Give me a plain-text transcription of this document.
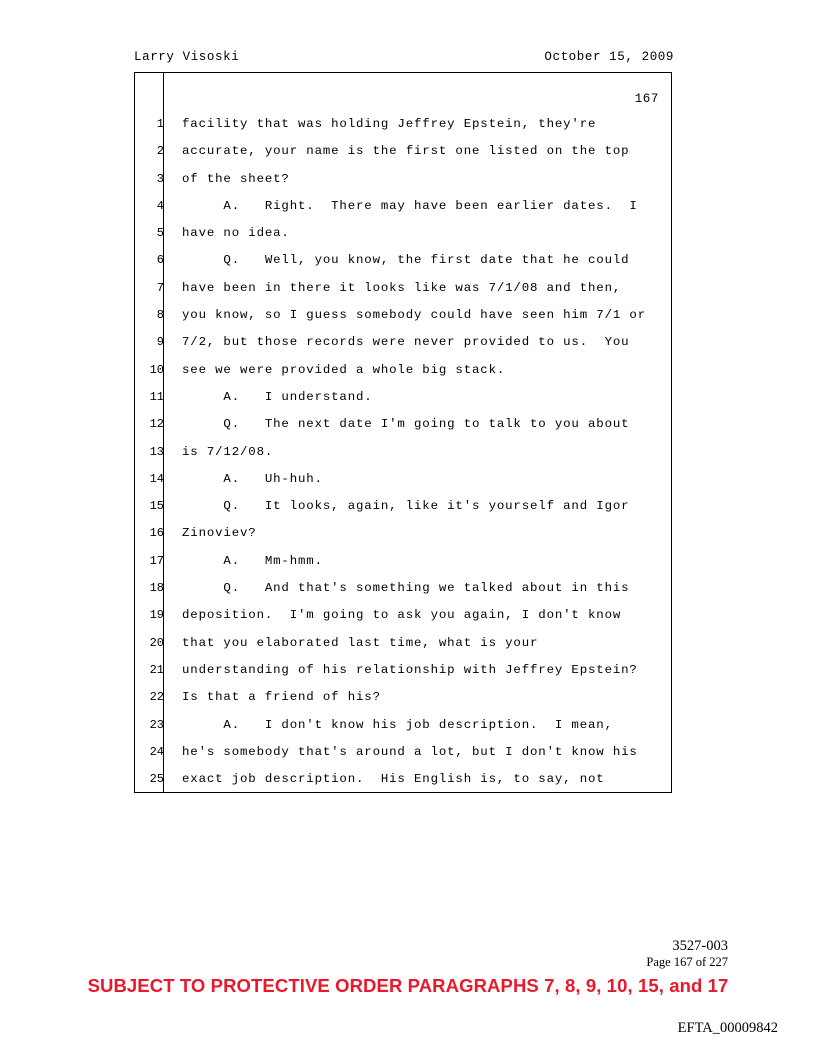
Larry Visoski	October 15, 2009
167
1	facility that was holding Jeffrey Epstein, they're
2	accurate, your name is the first one listed on the top
3	of the sheet?
4	A.   Right.  There may have been earlier dates.  I
5	have no idea.
6	Q.   Well, you know, the first date that he could
7	have been in there it looks like was 7/1/08 and then,
8	you know, so I guess somebody could have seen him 7/1 or
9	7/2, but those records were never provided to us.  You
10	see we were provided a whole big stack.
11	A.   I understand.
12	Q.   The next date I'm going to talk to you about
13	is 7/12/08.
14	A.   Uh-huh.
15	Q.   It looks, again, like it's yourself and Igor
16	Zinoviev?
17	A.   Mm-hmm.
18	Q.   And that's something we talked about in this
19	deposition.  I'm going to ask you again, I don't know
20	that you elaborated last time, what is your
21	understanding of his relationship with Jeffrey Epstein?
22	Is that a friend of his?
23	A.   I don't know his job description.  I mean,
24	he's somebody that's around a lot, but I don't know his
25	exact job description.  His English is, to say, not
3527-003
Page 167 of 227
SUBJECT TO PROTECTIVE ORDER PARAGRAPHS 7, 8, 9, 10, 15, and 17
EFTA_00009842
